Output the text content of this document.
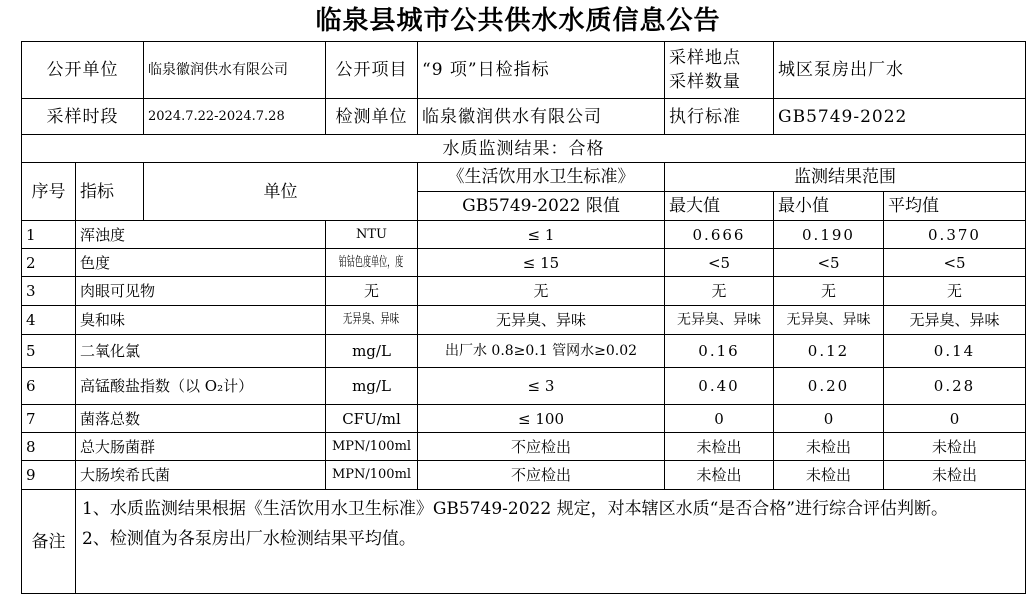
临泉县城市公共供水水质信息公告
公开单位		临泉徽润供水有限公司	公开项目	“9 项”日检指标	采样地点
采样数量	城区泵房出厂水	
采样时段		2024.7.22-2024.7.28	检测单位	临泉徽润供水有限公司	执行标准	GB5749-2022	
水质监测结果：合格							
序号	指标	单位		《生活饮用水卫生标准》	监测结果范围		
				GB5749-2022 限值	最大值	最小值	平均值
1	浑浊度		NTU	≤ 1	0.666	0.190	0.370
2	色度		铂钴色度单位，度	≤ 15	<5	<5	<5
3	肉眼可见物		无	无	无	无	无
4	臭和味		无异臭、异味	无异臭、异味	无异臭、异味	无异臭、异味	无异臭、异味
5	二氧化氯		mg/L	出厂水 0.8≥0.1 管网水≥0.02	0.16	0.12	0.14
6	高锰酸盐指数（以 O₂计）		mg/L	≤ 3	0.40	0.20	0.28
7	菌落总数		CFU/ml	≤ 100	0	0	0
8	总大肠菌群		MPN/100ml	不应检出	未检出	未检出	未检出
9	大肠埃希氏菌		MPN/100ml	不应检出	未检出	未检出	未检出
备注	1、水质监测结果根据《生活饮用水卫生标准》GB5749-2022 规定，对本辖区水质“是否合格”进行综合评估判断。

2、检测值为各泵房出厂水检测结果平均值。						
